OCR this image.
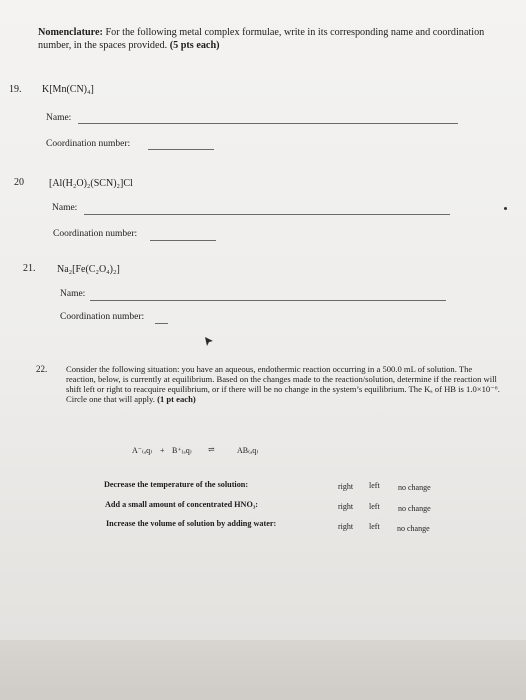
Nomenclature: For the following metal complex formulae, write in its corresponding name and coordination number, in the spaces provided. (5 pts each)
19. K[Mn(CN)₄]
Name:
Coordination number:
20	[Al(H₂O)₂(SCN)₂]Cl
Name:
Coordination number:
21. Na₂[Fe(C₂O₄)₂]
Name:
Coordination number:
22. Consider the following situation: you have an aqueous, endothermic reaction occurring in a 500.0 mL of solution. The reaction, below, is currently at equilibrium. Based on the changes made to the reaction/solution, determine if the reaction will shift left or right to reacquire equilibrium, or if there will be no change in the system’s equilibrium. The Kₐ of HB is 1.0×10⁻⁶. Circle one that will apply. (1 pt each)
A⁻₍ₐq₎ + B⁺₍ₐq₎ ⇌	AB₍ₐq₎
Decrease the temperature of the solution:	right left no change
Add a small amount of concentrated HNO₃:	right left no change
Increase the volume of solution by adding water:	right left no change
